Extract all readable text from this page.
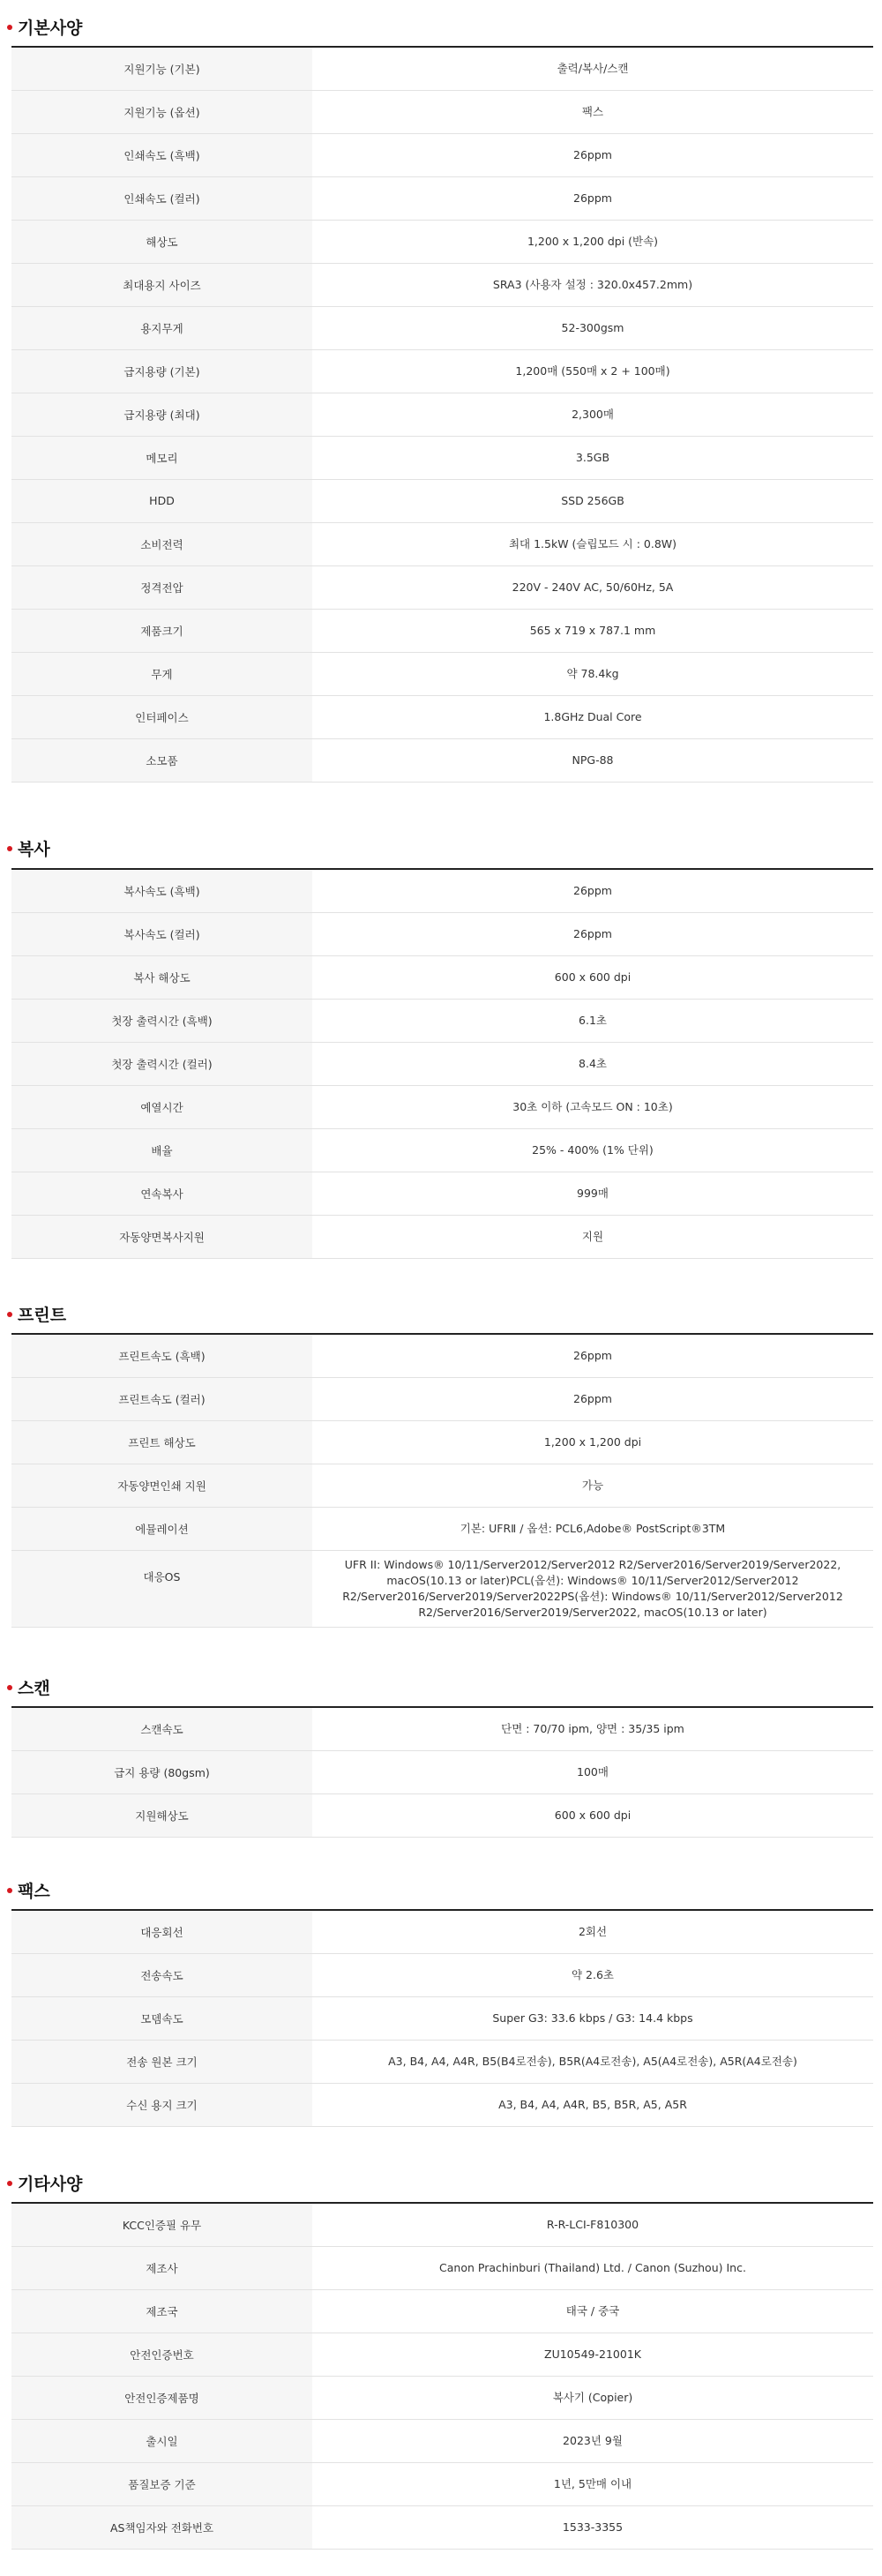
기본사양
지원기능 (기본)	출력/복사/스캔
지원기능 (옵션)	팩스
인쇄속도 (흑백)	26ppm
인쇄속도 (컬러)	26ppm
해상도	1,200 x 1,200 dpi (반속)
최대용지 사이즈	SRA3 (사용자 설정 : 320.0x457.2mm)
용지무게	52-300gsm
급지용량 (기본)	1,200매 (550매 x 2 + 100매)
급지용량 (최대)	2,300매
메모리	3.5GB
HDD	SSD 256GB
소비전력	최대 1.5kW (슬립모드 시 : 0.8W)
정격전압	220V - 240V AC, 50/60Hz, 5A
제품크기	565 x 719 x 787.1 mm
무게	약 78.4kg
인터페이스	1.8GHz Dual Core
소모품	NPG-88
복사
복사속도 (흑백)	26ppm
복사속도 (컬러)	26ppm
복사 해상도	600 x 600 dpi
첫장 출력시간 (흑백)	6.1초
첫장 출력시간 (컬러)	8.4초
예열시간	30초 이하 (고속모드 ON : 10초)
배율	25% - 400% (1% 단위)
연속복사	999매
자동양면복사지원	지원
프린트
프린트속도 (흑백)	26ppm
프린트속도 (컬러)	26ppm
프린트 해상도	1,200 x 1,200 dpi
자동양면인쇄 지원	가능
에뮬레이션	기본: UFRⅡ / 옵션: PCL6,Adobe® PostScript®3TM
대응OS	UFR II: Windows® 10/11/Server2012/Server2012 R2/Server2016/Server2019/Server2022, macOS(10.13 or later)PCL(옵션): Windows® 10/11/Server2012/Server2012 R2/Server2016/Server2019/Server2022PS(옵션): Windows® 10/11/Server2012/Server2012 R2/Server2016/Server2019/Server2022, macOS(10.13 or later)
스캔
스캔속도	단면 : 70/70 ipm, 양면 : 35/35 ipm
급지 용량 (80gsm)	100매
지원해상도	600 x 600 dpi
팩스
대응회선	2회선
전송속도	약 2.6초
모뎀속도	Super G3: 33.6 kbps / G3: 14.4 kbps
전송 원본 크기	A3, B4, A4, A4R, B5(B4로전송), B5R(A4로전송), A5(A4로전송), A5R(A4로전송)
수신 용지 크기	A3, B4, A4, A4R, B5, B5R, A5, A5R
기타사양
KCC인증필 유무	R-R-LCI-F810300
제조사	Canon Prachinburi (Thailand) Ltd. / Canon (Suzhou) Inc.
제조국	태국 / 중국
안전인증번호	ZU10549-21001K
안전인증제품명	복사기 (Copier)
출시일	2023년 9월
품질보증 기준	1년, 5만매 이내
AS책임자와 전화번호	1533-3355
